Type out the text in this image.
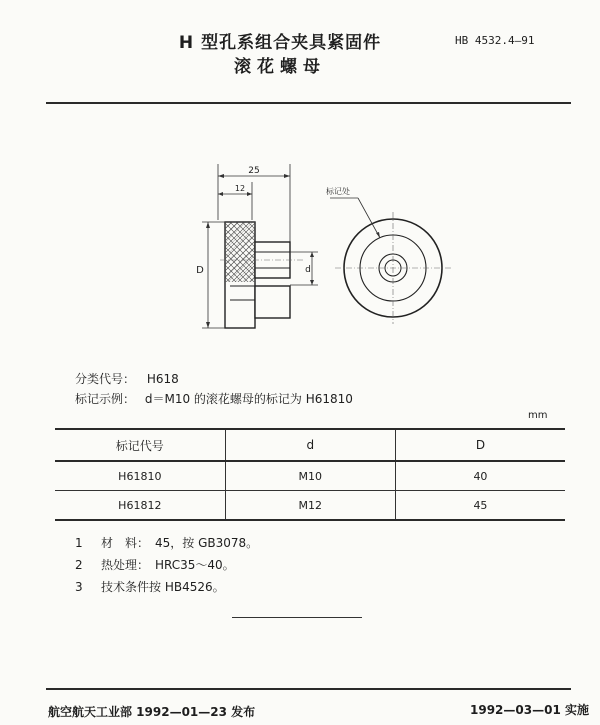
H 型孔系组合夹具紧固件
滚花螺母
HB 4532.4—91
25
12
D	d
标记处
分类代号： H618
标记示例： d＝M10 的滚花螺母的标记为 H61810
mm
标记代号	d	D
H61810	M10	40
H61812	M12	45
1 材　料：　45，按 GB3078。
2 热处理：　HRC35～40。
3 技术条件按 HB4526。
航空航天工业部 1992—01—23 发布	1992—03—01 实施
